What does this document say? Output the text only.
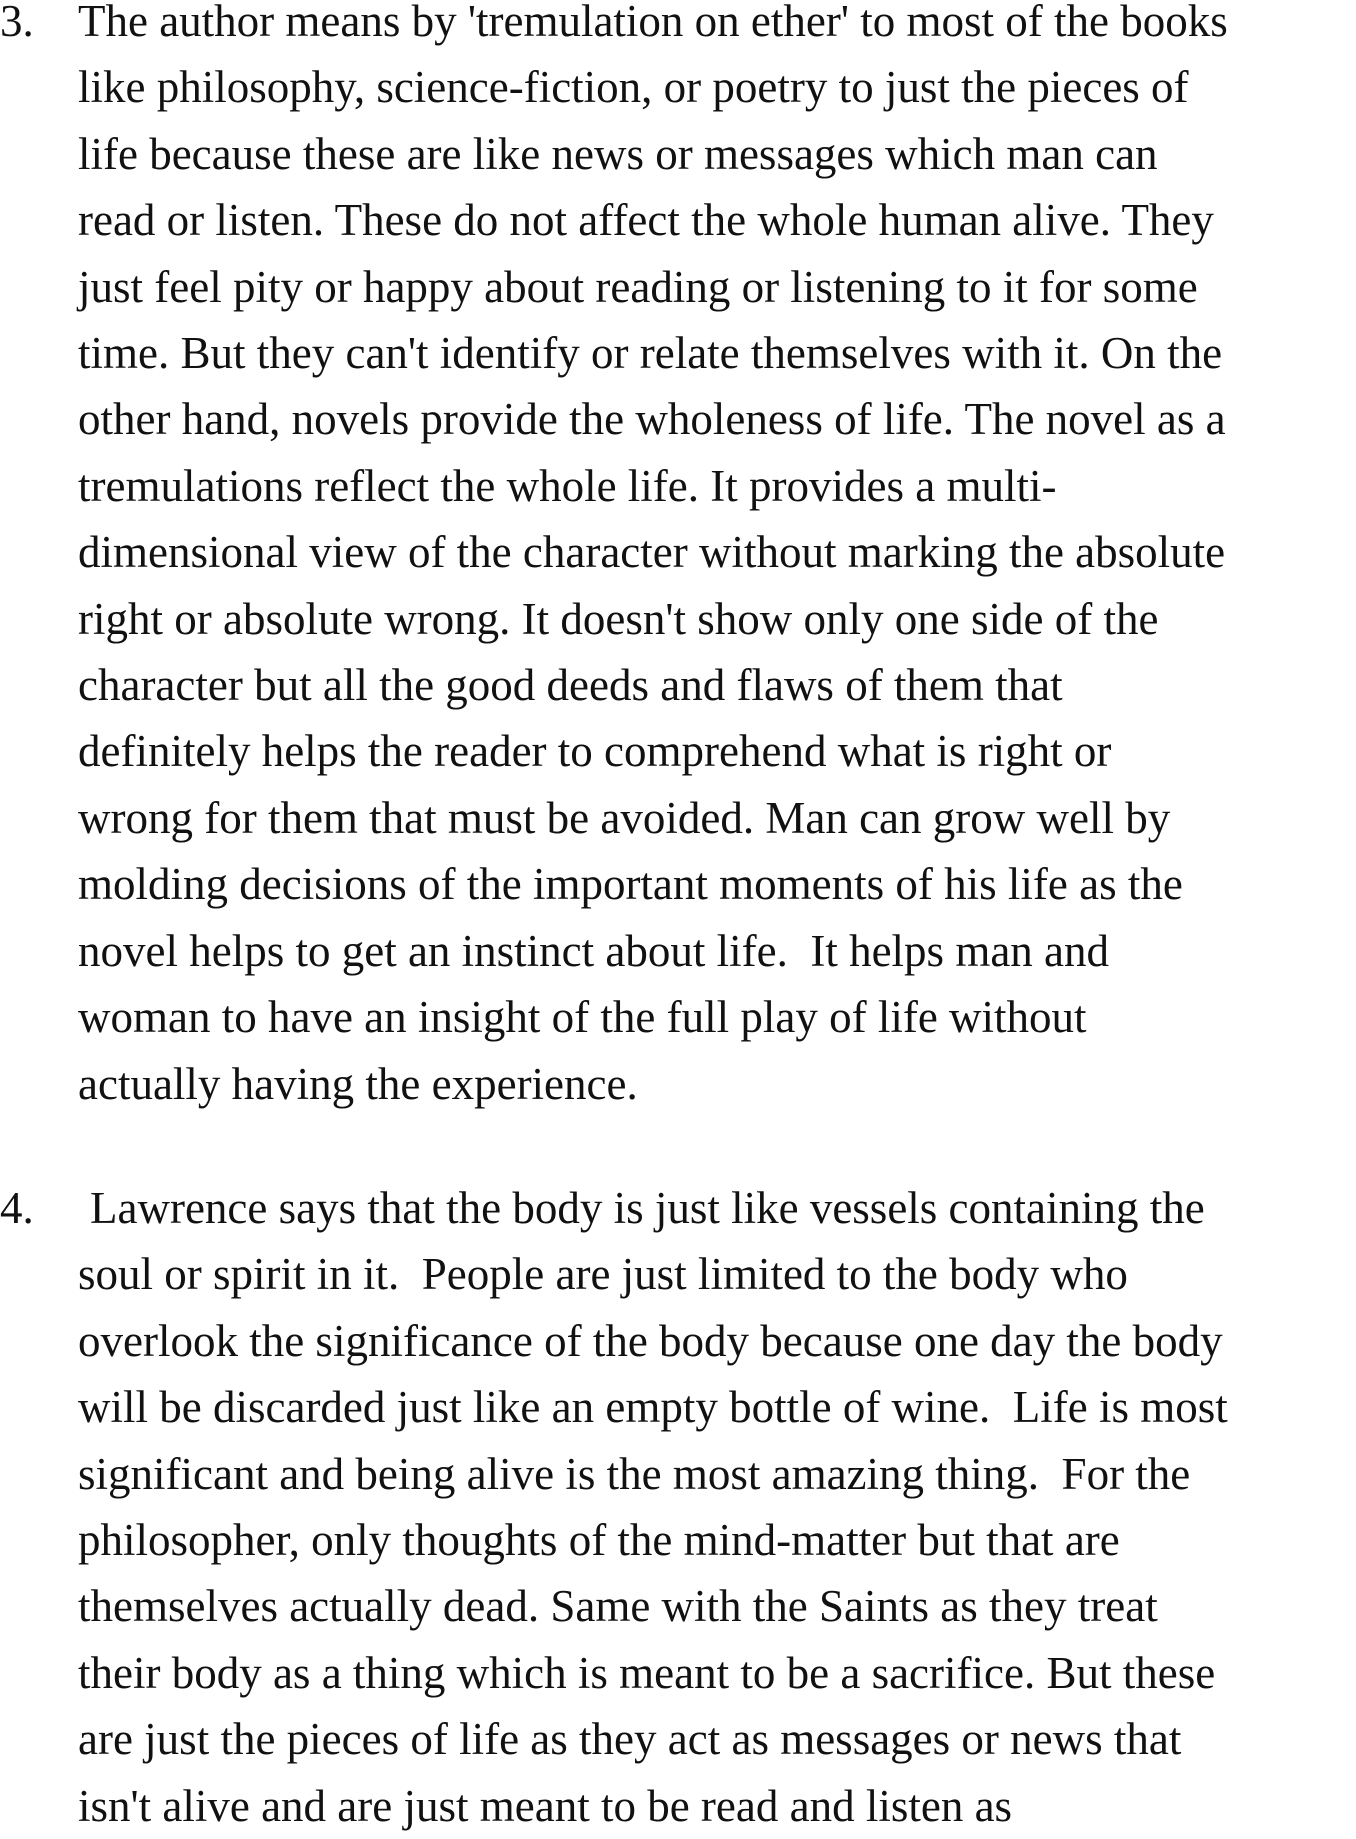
3. The author means by 'tremulation on ether' to most of the books
like philosophy, science-fiction, or poetry to just the pieces of
life because these are like news or messages which man can
read or listen. These do not affect the whole human alive. They
just feel pity or happy about reading or listening to it for some
time. But they can't identify or relate themselves with it. On the
other hand, novels provide the wholeness of life. The novel as a
tremulations reflect the whole life. It provides a multi-
dimensional view of the character without marking the absolute
right or absolute wrong. It doesn't show only one side of the
character but all the good deeds and flaws of them that
definitely helps the reader to comprehend what is right or
wrong for them that must be avoided. Man can grow well by
molding decisions of the important moments of his life as the
novel helps to get an instinct about life.  It helps man and
woman to have an insight of the full play of life without
actually having the experience.
4.	Lawrence says that the body is just like vessels containing the
soul or spirit in it.  People are just limited to the body who
overlook the significance of the body because one day the body
will be discarded just like an empty bottle of wine.  Life is most
significant and being alive is the most amazing thing.  For the
philosopher, only thoughts of the mind-matter but that are
themselves actually dead. Same with the Saints as they treat
their body as a thing which is meant to be a sacrifice. But these
are just the pieces of life as they act as messages or news that
isn't alive and are just meant to be read and listen as
